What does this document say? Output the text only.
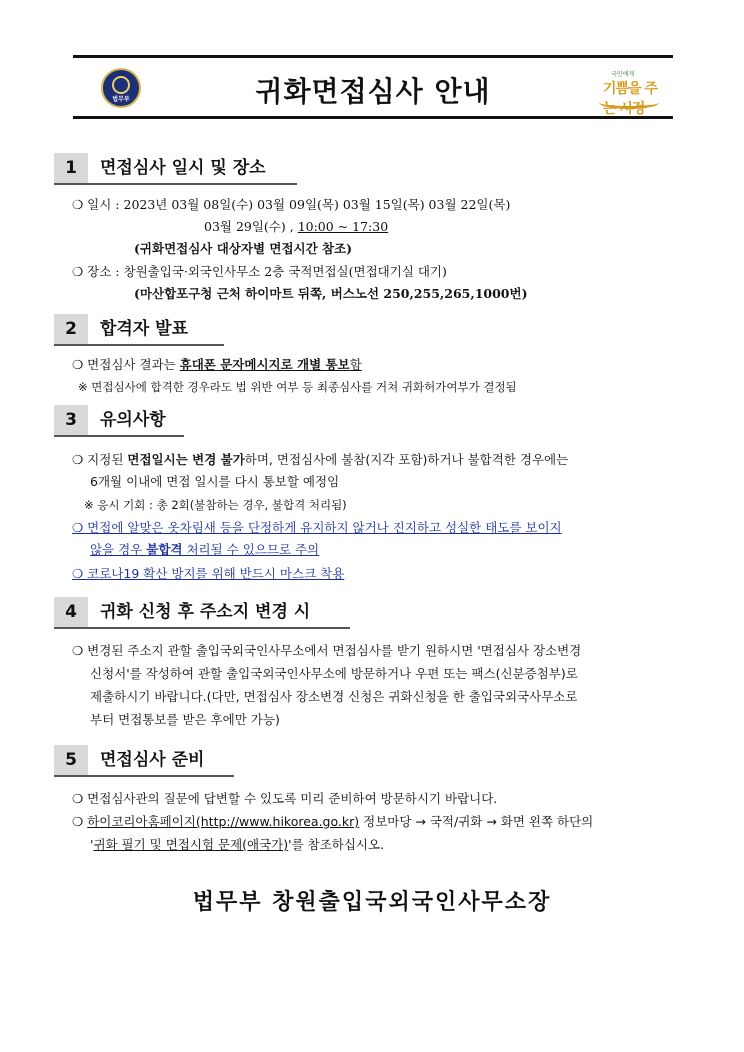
법무부	귀화면접심사 안내
국민에게
기쁨을 주는 시정
1	면접심사 일시 및 장소
❍ 일시 : 2023년 03월 08일(수) 03월 09일(목) 03월 15일(목) 03월 22일(목)
03월 29일(수) , 10:00 ~ 17:30
(귀화면접심사 대상자별 면접시간 참조)
❍ 장소 : 창원출입국·외국인사무소 2층 국적면접실(면접대기실 대기)
(마산합포구청 근처 하이마트 뒤쪽, 버스노선 250,255,265,1000번)
2	합격자 발표
❍ 면접심사 결과는 휴대폰 문자메시지로 개별 통보함
※ 면접심사에 합격한 경우라도 법 위반 여부 등 최종심사를 거쳐 귀화허가여부가 결정됨
3	유의사항
❍ 지정된 면접일시는 변경 불가하며, 면접심사에 불참(지각 포함)하거나 불합격한 경우에는
6개월 이내에 면접 일시를 다시 통보할 예정임
※ 응시 기회 : 총 2회(불참하는 경우, 불합격 처리됨)
❍ 면접에 알맞은 옷차림새 등을 단정하게 유지하지 않거나 진지하고 성실한 태도를 보이지
않을 경우 불합격 처리될 수 있으므로 주의
❍ 코로나19 확산 방지를 위해 반드시 마스크 착용
4	귀화 신청 후 주소지 변경 시
❍ 변경된 주소지 관할 출입국외국인사무소에서 면접심사를 받기 원하시면 '면접심사 장소변경
신청서'를 작성하여 관할 출입국외국인사무소에 방문하거나 우편 또는 팩스(신분증첨부)로
제출하시기 바랍니다.(다만, 면접심사 장소변경 신청은 귀화신청을 한 출입국외국사무소로
부터 면접통보를 받은 후에만 가능)
5	면접심사 준비
❍ 면접심사관의 질문에 답변할 수 있도록 미리 준비하여 방문하시기 바랍니다.
❍ 하이코리아홈페이지(http://www.hikorea.go.kr) 정보마당 → 국적/귀화 → 화면 왼쪽 하단의
'귀화 필기 및 면접시험 문제(애국가)'를 참조하십시오.
법무부 창원출입국외국인사무소장
